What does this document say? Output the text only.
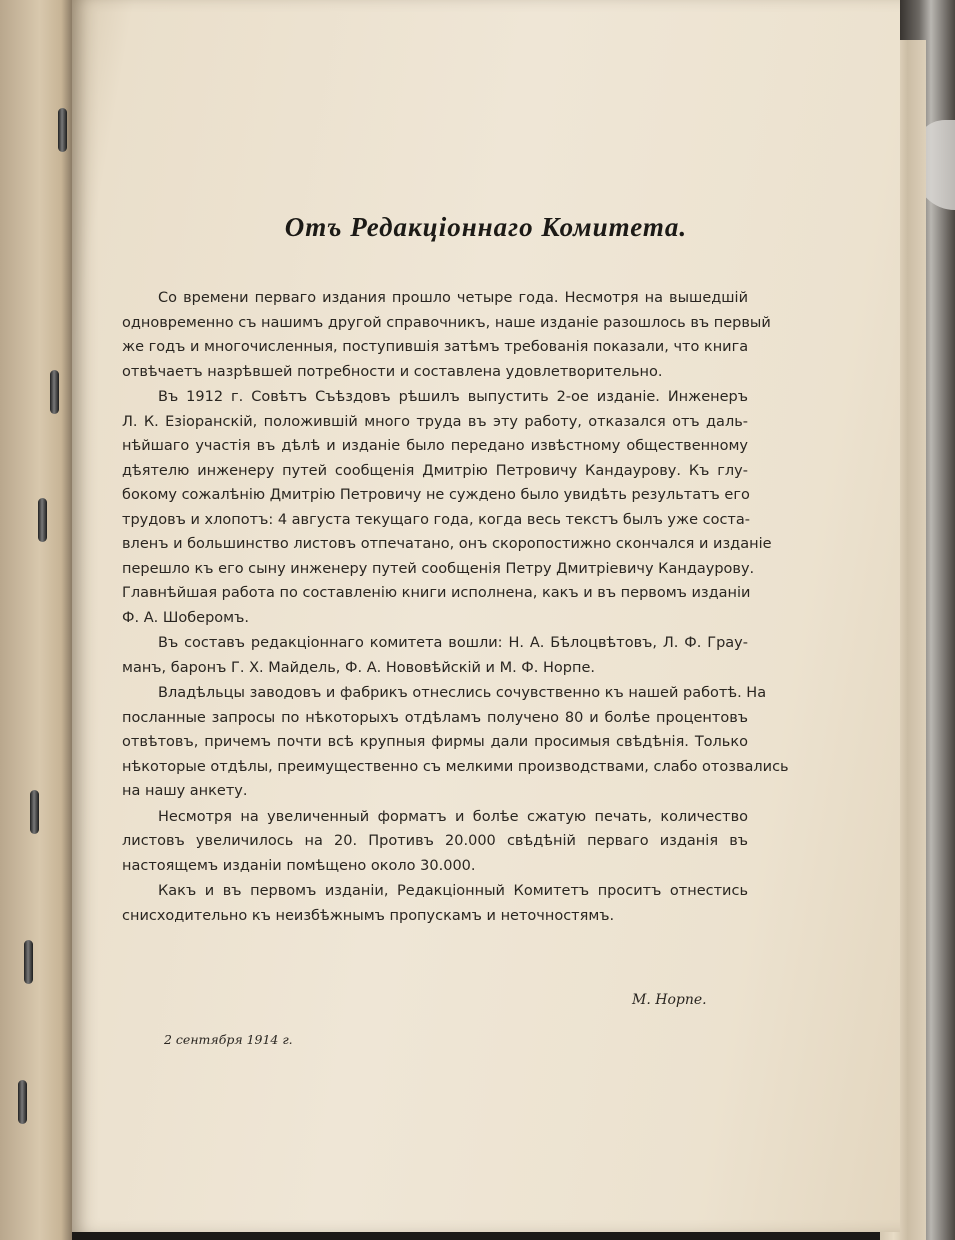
Отъ Редакціоннаго Комитета.
Со времени перваго издания прошло четыре года. Несмотря на вышедшій
одновременно съ нашимъ другой справочникъ, наше изданіе разошлось въ первый
же годъ и многочисленныя, поступившія затѣмъ требованія показали, что книга
отвѣчаетъ назрѣвшей потребности и составлена удовлетворительно.
Въ 1912 г. Совѣтъ Съѣздовъ рѣшилъ выпустить 2-ое изданіе. Инженеръ
Л. К. Езіоранскій, положившій много труда въ эту работу, отказался отъ даль-
нѣйшаго участія въ дѣлѣ и изданіе было передано извѣстному общественному
дѣятелю инженеру путей сообщенія Дмитрію Петровичу Кандаурову. Къ глу-
бокому сожалѣнію Дмитрію Петровичу не суждено было увидѣть результатъ его
трудовъ и хлопотъ: 4 августа текущаго года, когда весь текстъ былъ уже соста-
вленъ и большинство листовъ отпечатано, онъ скоропостижно скончался и изданіе
перешло къ его сыну инженеру путей сообщенія Петру Дмитріевичу Кандаурову.
Главнѣйшая работа по составленію книги исполнена, какъ и въ первомъ изданіи
Ф. А. Шоберомъ.
Въ составъ редакціоннаго комитета вошли: Н. А. Бѣлоцвѣтовъ, Л. Ф. Грау-
манъ, баронъ Г. Х. Майдель, Ф. А. Нововѣйскій и М. Ф. Норпе.
Владѣльцы заводовъ и фабрикъ отнеслись сочувственно къ нашей работѣ. На
посланные запросы по нѣкоторыхъ отдѣламъ получено 80 и болѣе процентовъ
отвѣтовъ, причемъ почти всѣ крупныя фирмы дали просимыя свѣдѣнія. Только
нѣкоторые отдѣлы, преимущественно съ мелкими производствами, слабо отозвались
на нашу анкету.
Несмотря на увеличенный форматъ и болѣе сжатую печать, количество
листовъ увеличилось на 20. Противъ 20.000 свѣдѣній перваго изданія въ
настоящемъ изданіи помѣщено около 30.000.
Какъ и въ первомъ изданіи, Редакціонный Комитетъ проситъ отнестись
снисходительно къ неизбѣжнымъ пропускамъ и неточностямъ.
М. Норпе.
2 сентября 1914 г.
